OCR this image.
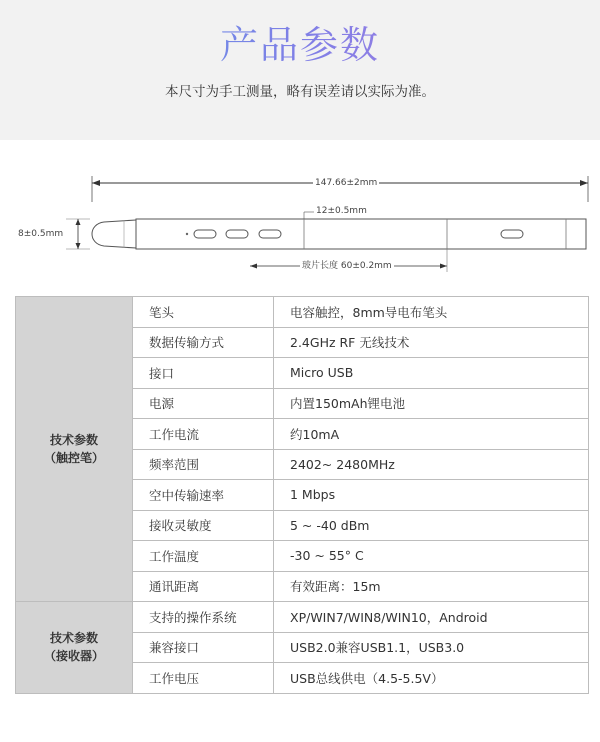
产品参数
本尺寸为手工测量，略有误差请以实际为准。
147.66±2mm
8±0.5mm
12±0.5mm
玻片长度 60±0.2mm
技术参数
（触控笔）	笔头	电容触控，8mm导电布笔头
	数据传输方式	2.4GHz RF 无线技术
	接口	Micro USB
	电源	内置150mAh锂电池
	工作电流	约10mA
	频率范围	2402~ 2480MHz
	空中传输速率	1 Mbps
	接收灵敏度	5 ~ -40 dBm
	工作温度	-30 ~ 55° C
	通讯距离	有效距离：15m

技术参数
（接收器）	支持的操作系统	XP/WIN7/WIN8/WIN10，Android
	兼容接口	USB2.0兼容USB1.1，USB3.0
	工作电压	USB总线供电（4.5-5.5V）
